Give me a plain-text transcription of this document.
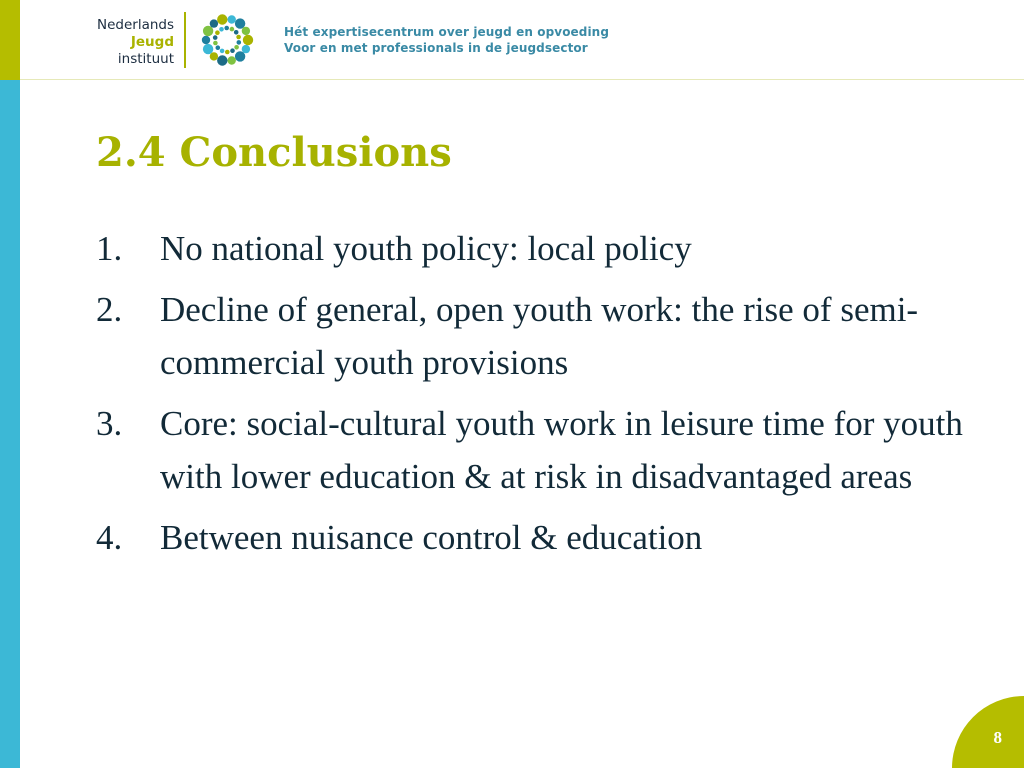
Nederlands
Jeugd
instituut
Hét expertisecentrum over jeugd en opvoeding
Voor en met professionals in de jeugdsector
2.4 Conclusions
1. No national youth policy: local policy
2. Decline of general, open youth work: the rise of semi-commercial youth provisions
3. Core: social-cultural youth work in leisure time for youth with lower education & at risk in disadvantaged areas
4. Between nuisance control & education
8
